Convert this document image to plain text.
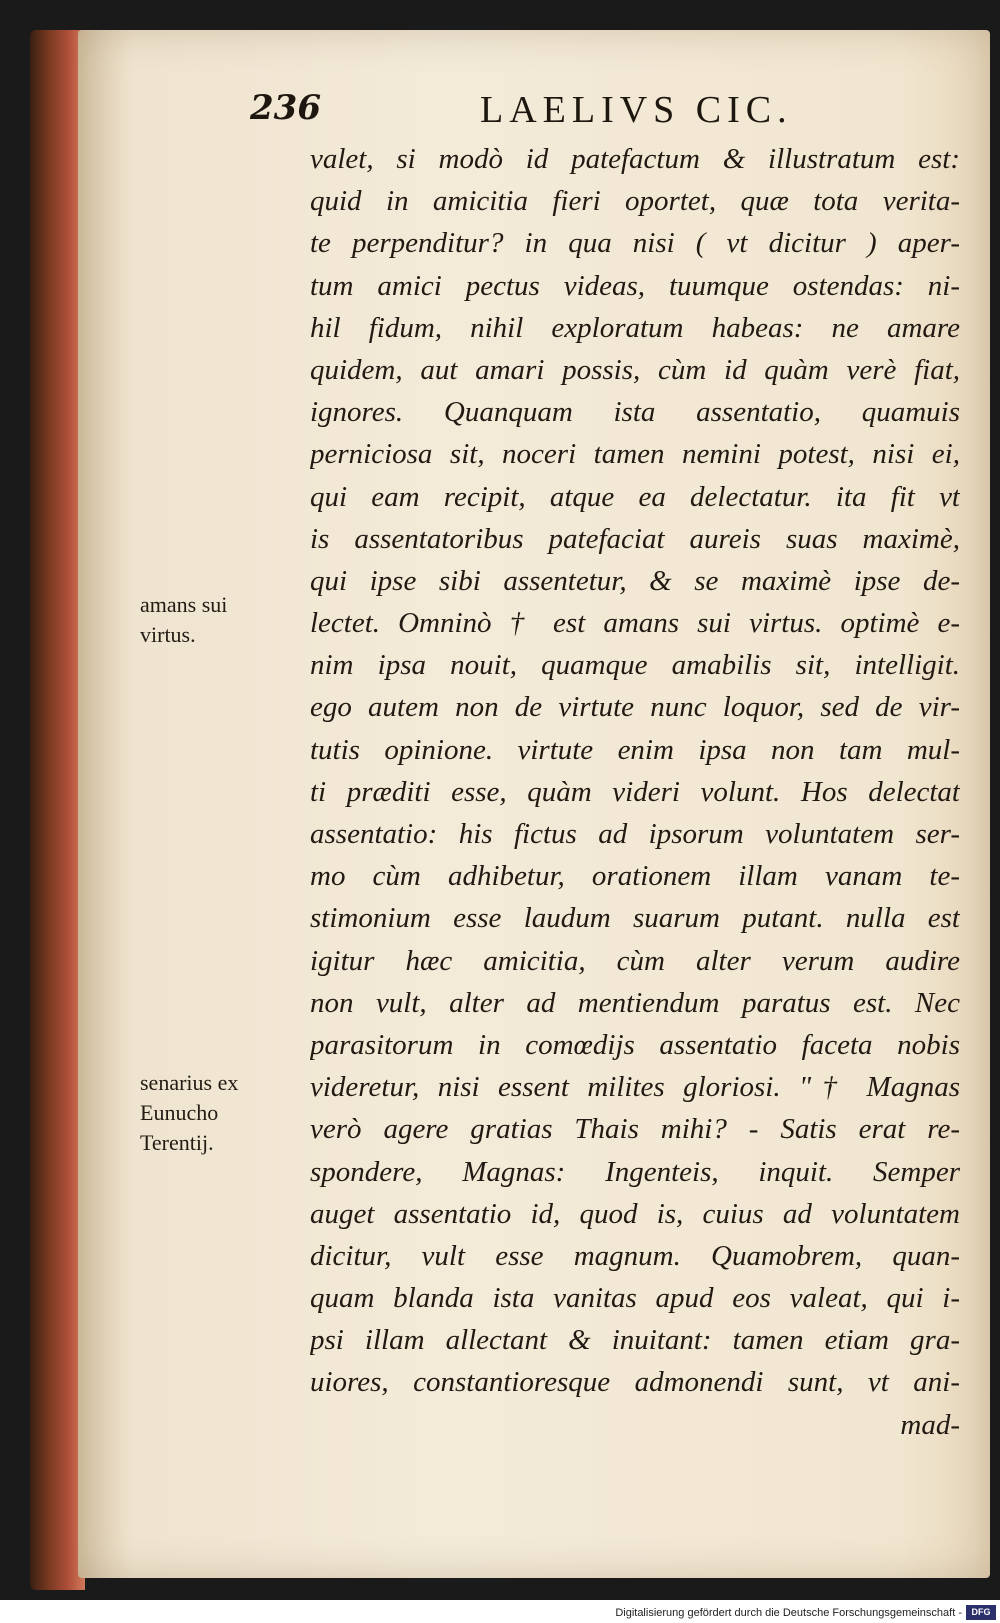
236	LAELIVS CIC.
valet, si modò id patefactum & illustratum est:
quid in amicitia fieri oportet, quæ tota verita-
te perpenditur? in qua nisi ( vt dicitur ) aper-
tum amici pectus videas, tuumque ostendas: ni-
hil fidum, nihil exploratum habeas: ne amare
quidem, aut amari possis, cùm id quàm verè fiat,
ignores. Quanquam ista assentatio, quamuis
perniciosa sit, noceri tamen nemini potest, nisi ei,
qui eam recipit, atque ea delectatur. ita fit vt
is assentatoribus patefaciat aureis suas maximè,
qui ipse sibi assentetur, & se maximè ipse de-
lectet. Omninò † est amans sui virtus. optimè e-
nim ipsa nouit, quamque amabilis sit, intelligit.
ego autem non de virtute nunc loquor, sed de vir-
tutis opinione. virtute enim ipsa non tam mul-
ti præditi esse, quàm videri volunt. Hos delectat
assentatio: his fictus ad ipsorum voluntatem ser-
mo cùm adhibetur, orationem illam vanam te-
stimonium esse laudum suarum putant. nulla est
igitur hæc amicitia, cùm alter verum audire
non vult, alter ad mentiendum paratus est. Nec
parasitorum in comœdijs assentatio faceta nobis
videretur, nisi essent milites gloriosi. "† Magnas
verò agere gratias Thais mihi? - Satis erat re-
spondere, Magnas: Ingenteis, inquit. Semper
auget assentatio id, quod is, cuius ad voluntatem
dicitur, vult esse magnum. Quamobrem, quan-
quam blanda ista vanitas apud eos valeat, qui i-
psi illam allectant & inuitant: tamen etiam gra-
uiores, constantioresque admonendi sunt, vt ani-
mad-
amans sui
virtus.
senarius ex
Eunucho
Terentij.
Digitalisierung gefördert durch die Deutsche Forschungsgemeinschaft -	DFG
